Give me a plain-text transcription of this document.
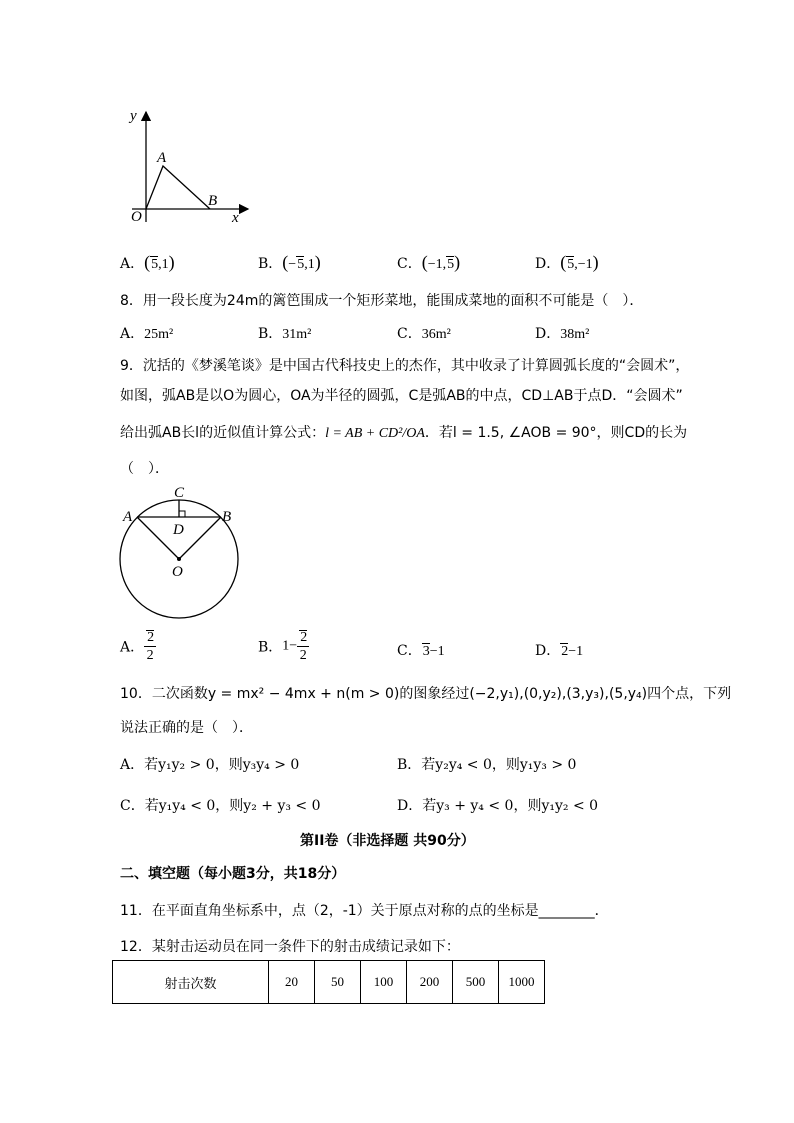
y
x
O
A
B
A．(5,1)	B．(−5,1)	C．(−1,5)	D．(5,−1)
8．用一段长度为24m的篱笆围成一个矩形菜地，能围成菜地的面积不可能是（　）．
A．25m²	B．31m²	C．36m²	D．38m²
9．沈括的《梦溪笔谈》是中国古代科技史上的杰作，其中收录了计算圆弧长度的“会圆术”，
如图，弧AB是以O为圆心，OA为半径的圆弧，C是弧AB的中点，CD⊥AB于点D．“会圆术”
给出弧AB长l的近似值计算公式：l = AB + CD²/OA．若l = 1.5, ∠AOB = 90°，则CD的长为
（　）．
C
A
D
B
O
A． $\frac{2}{2}$	B．$1- \frac{2}{2}$	C．3−1	D．2−1
10．二次函数y = mx² − 4mx + n(m > 0)的图象经过(−2,y₁),(0,y₂),(3,y₃),(5,y₄)四个点，下列
说法正确的是（　）．
A．若y₁y₂ > 0，则y₃y₄ > 0	B．若y₂y₄ < 0，则y₁y₃ > 0
C．若y₁y₄ < 0，则y₂ + y₃ < 0	D．若y₃ + y₄ < 0，则y₁y₂ < 0
第II卷（非选择题 共90分）
二、填空题（每小题3分，共18分）
11．在平面直角坐标系中，点（2，-1）关于原点对称的点的坐标是________．
12．某射击运动员在同一条件下的射击成绩记录如下：
射击次数	20	50	100	200	500	1000
